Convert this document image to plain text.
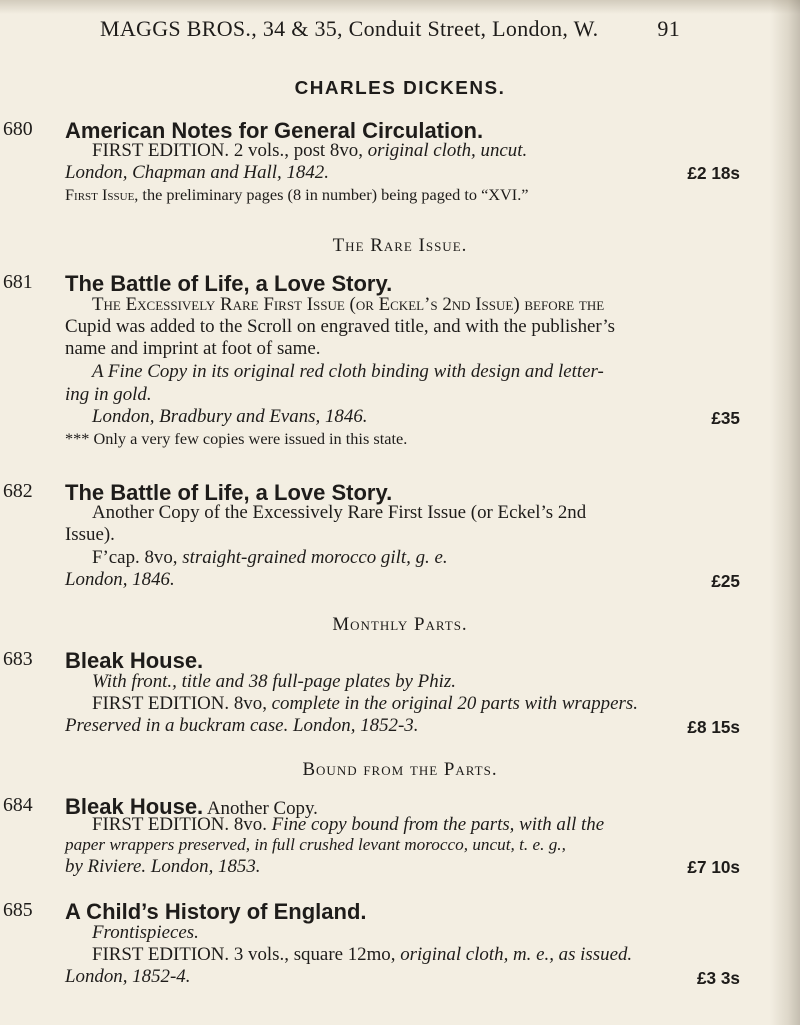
MAGGS BROS., 34 & 35, Conduit Street, London, W.	91
CHARLES DICKENS.
680 American Notes for General Circulation.
FIRST EDITION. 2 vols., post 8vo, original cloth, uncut.
London, Chapman and Hall, 1842.	£2 18s
First Issue, the preliminary pages (8 in number) being paged to “XVI.”
The Rare Issue.
681 The Battle of Life, a Love Story.
The Excessively Rare First Issue (or Eckel’s 2nd Issue) before the
Cupid was added to the Scroll on engraved title, and with the publisher’s
name and imprint at foot of same.
A Fine Copy in its original red cloth binding with design and letter-
ing in gold.
London, Bradbury and Evans, 1846.	£35
*** Only a very few copies were issued in this state.
682 The Battle of Life, a Love Story.
Another Copy of the Excessively Rare First Issue (or Eckel’s 2nd
Issue).
F’cap. 8vo, straight-grained morocco gilt, g. e.
London, 1846.	£25
Monthly Parts.
683 Bleak House.
With front., title and 38 full-page plates by Phiz.
FIRST EDITION. 8vo, complete in the original 20 parts with wrappers.
Preserved in a buckram case. London, 1852-3.	£8 15s
Bound from the Parts.
684 Bleak House. Another Copy.
FIRST EDITION. 8vo. Fine copy bound from the parts, with all the
paper wrappers preserved, in full crushed levant morocco, uncut, t. e. g.,
by Riviere. London, 1853.	£7 10s
685 A Child’s History of England.
Frontispieces.
FIRST EDITION. 3 vols., square 12mo, original cloth, m. e., as issued.
London, 1852-4.	£3 3s
